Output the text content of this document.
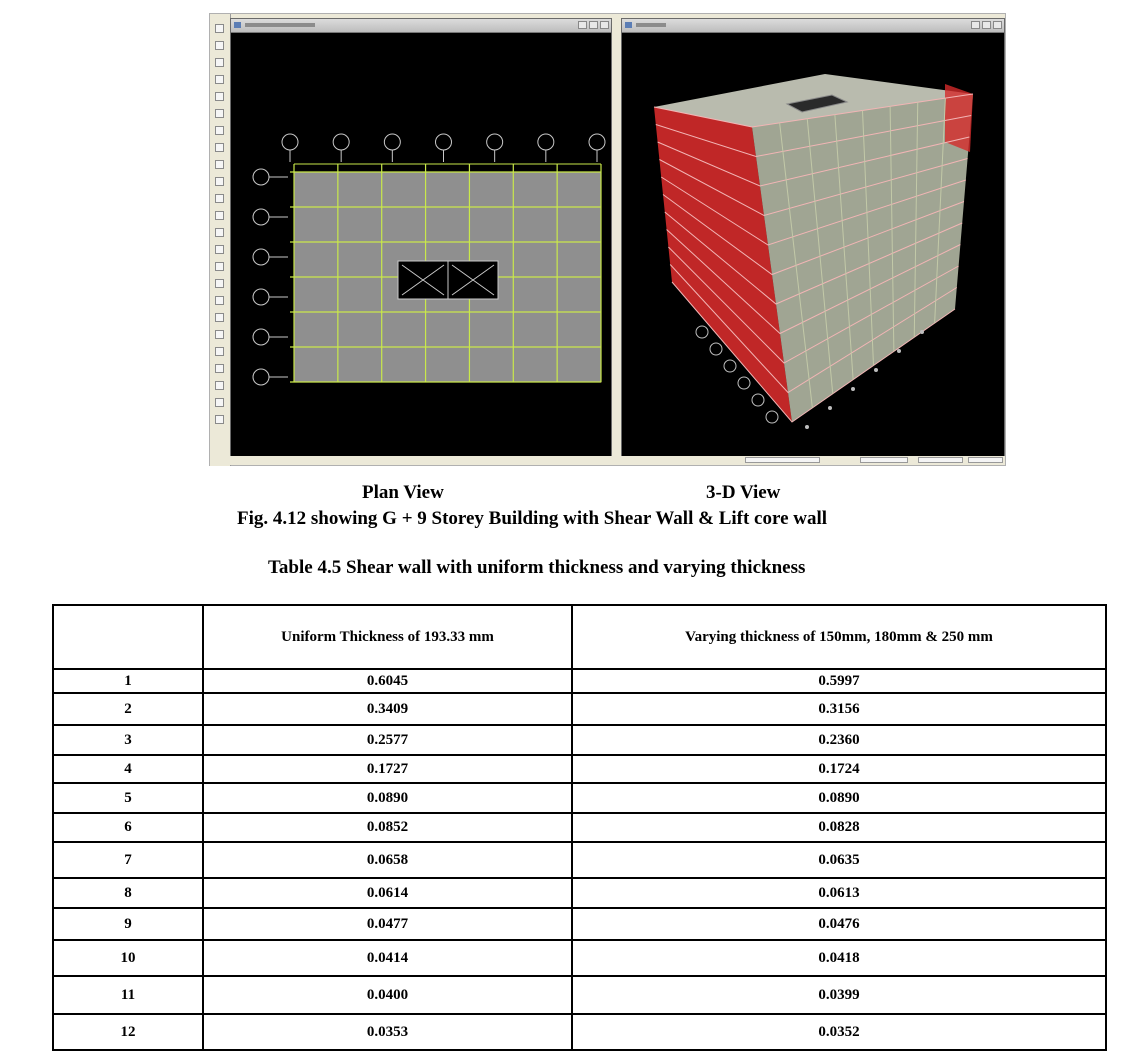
Plan View	3-D View
Fig. 4.12 showing G + 9 Storey Building with Shear Wall & Lift core wall
Table 4.5 Shear wall with uniform thickness and varying thickness
	Uniform Thickness of 193.33 mm	Varying thickness of 150mm, 180mm & 250 mm
1	0.6045	0.5997
2	0.3409	0.3156
3	0.2577	0.2360
4	0.1727	0.1724
5	0.0890	0.0890
6	0.0852	0.0828
7	0.0658	0.0635
8	0.0614	0.0613
9	0.0477	0.0476
10	0.0414	0.0418
11	0.0400	0.0399
12	0.0353	0.0352
